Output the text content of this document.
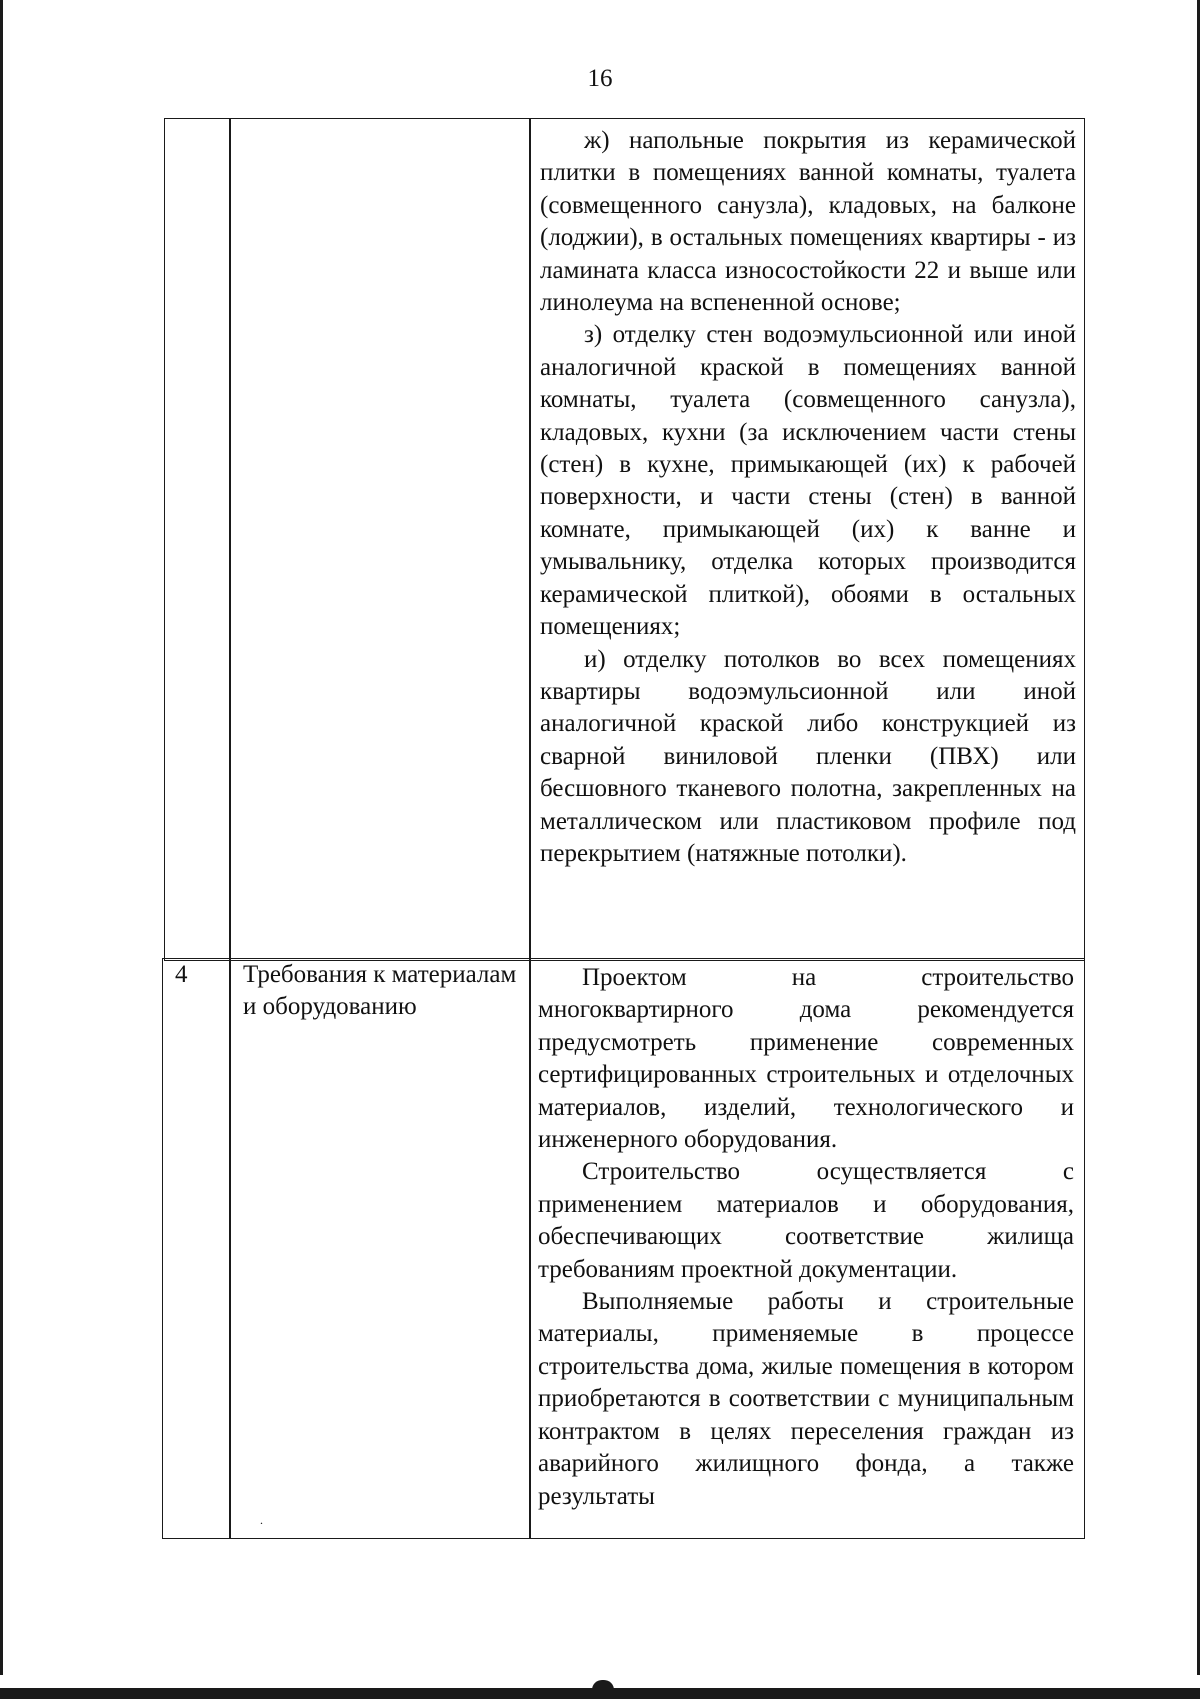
16

ж) напольные покрытия из керамической плитки в помещениях ванной комнаты, туалета (совмещенного санузла), кладовых, на балконе (лоджии), в остальных помещениях квартиры - из ламината класса износостойкости 22 и выше или линолеума на вспененной основе;

з) отделку стен водоэмульсионной или иной аналогичной краской в помещениях ванной комнаты, туалета (совмещенного санузла), кладовых, кухни (за исключением части стены (стен) в кухне, примыкающей (их) к рабочей поверхности, и части стены (стен) в ванной комнате, примыкающей (их) к ванне и умывальнику, отделка которых производится керамической плиткой), обоями в остальных помещениях;

и) отделку потолков во всех помещениях квартиры водоэмульсионной или иной аналогичной краской либо конструкцией из сварной виниловой пленки (ПВХ) или бесшовного тканевого полотна, закрепленных на металлическом или пластиковом профиле под перекрытием (натяжные потолки).

4 Требования к материалам и оборудованию

Проектом на строительство многоквартирного дома рекомендуется предусмотреть применение современных сертифицированных строительных и отделочных материалов, изделий, технологического и инженерного оборудования.

Строительство осуществляется с применением материалов и оборудования, обеспечивающих соответствие жилища требованиям проектной документации.

Выполняемые работы и строительные материалы, применяемые в процессе строительства дома, жилые помещения в котором приобретаются в соответствии с муниципальным контрактом в целях переселения граждан из аварийного жилищного фонда, а также результаты

.
